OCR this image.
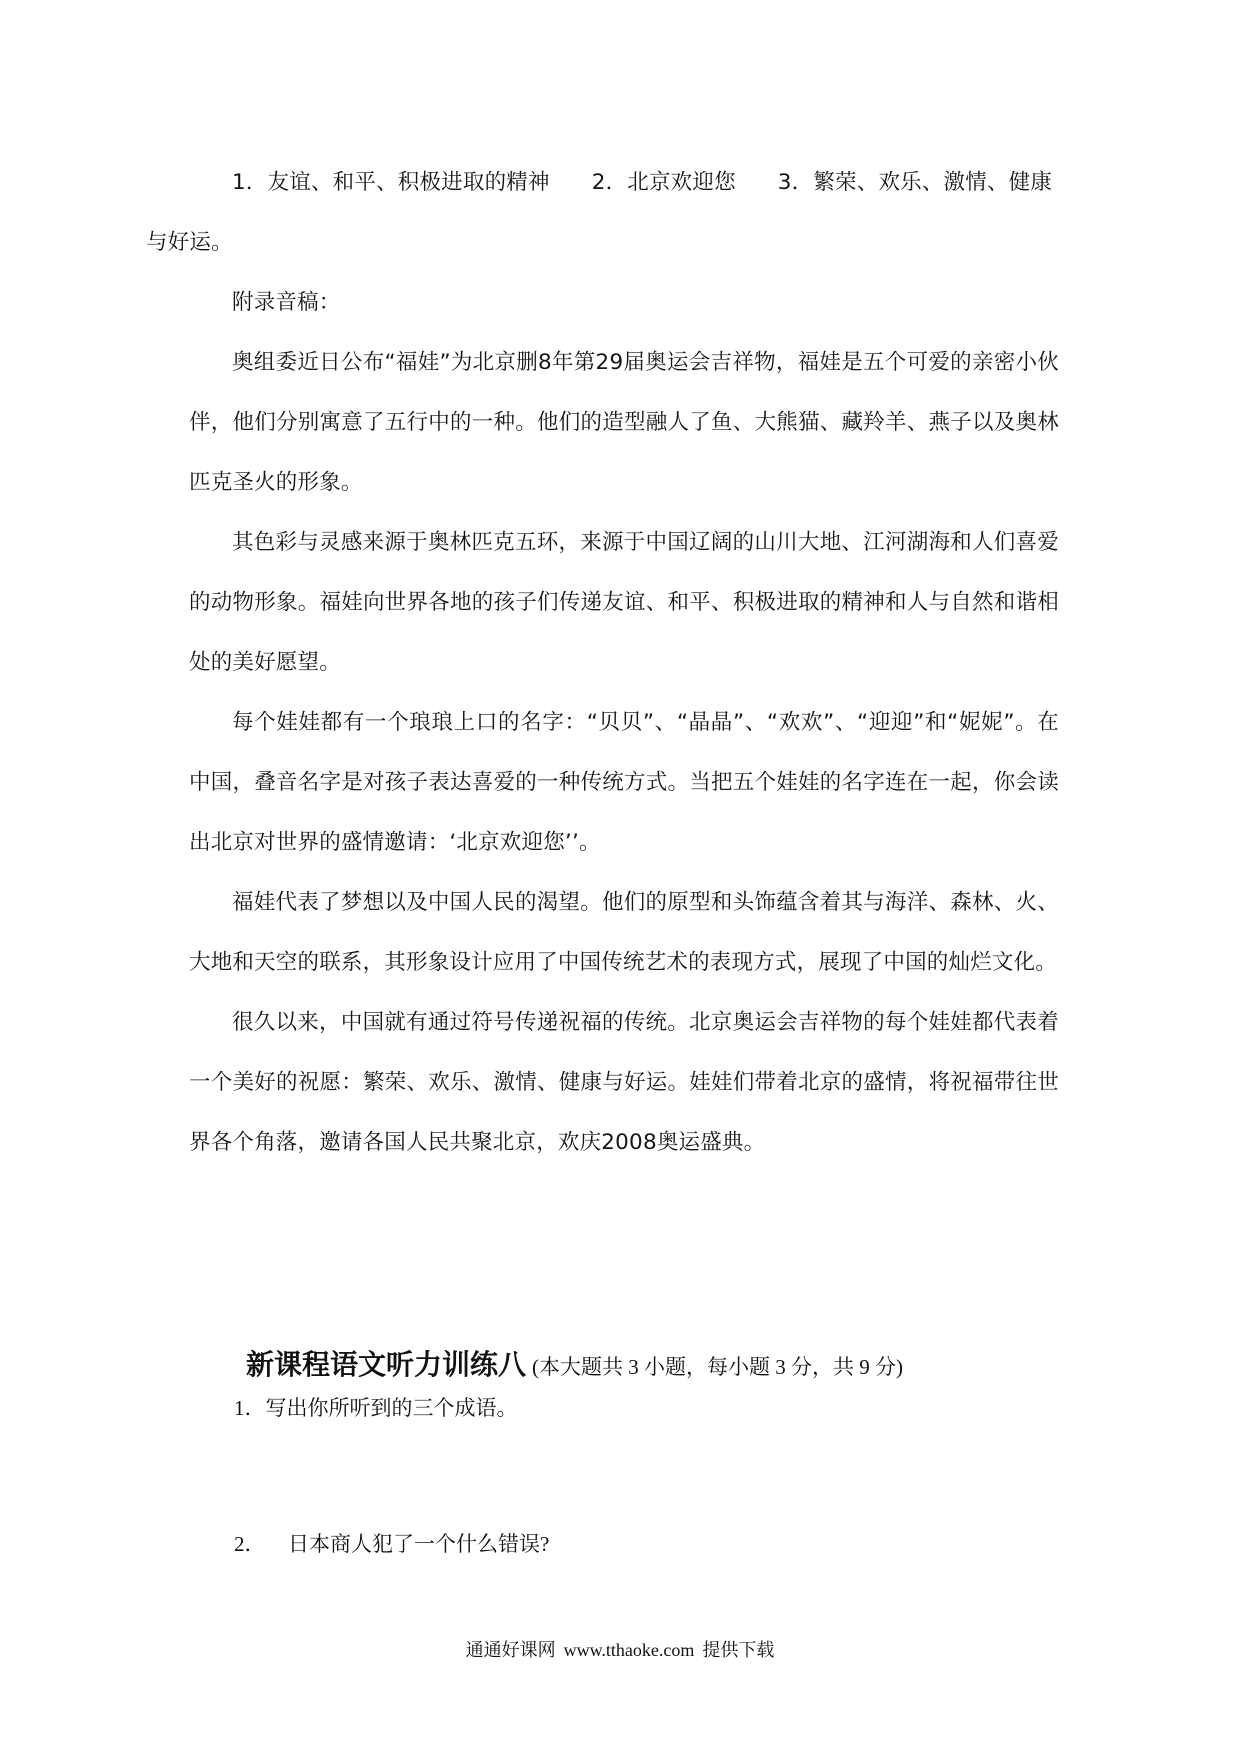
1．友谊、和平、积极进取的精神 2．北京欢迎您 3．繁荣、欢乐、激情、健康
与好运。

附录音稿：

奥组委近日公布“福娃”为北京删8年第29届奥运会吉祥物，福娃是五个可爱的亲密小伙伴，他们分别寓意了五行中的一种。他们的造型融人了鱼、大熊猫、藏羚羊、燕子以及奥林匹克圣火的形象。

其色彩与灵感来源于奥林匹克五环，来源于中国辽阔的山川大地、江河湖海和人们喜爱的动物形象。福娃向世界各地的孩子们传递友谊、和平、积极进取的精神和人与自然和谐相处的美好愿望。

每个娃娃都有一个琅琅上口的名字：“贝贝”、“晶晶”、“欢欢”、“迎迎”和“妮妮”。在中国，叠音名字是对孩子表达喜爱的一种传统方式。当把五个娃娃的名字连在一起，你会读出北京对世界的盛情邀请：‘北京欢迎您’’。

福娃代表了梦想以及中国人民的渴望。他们的原型和头饰蕴含着其与海洋、森林、火、大地和天空的联系，其形象设计应用了中国传统艺术的表现方式，展现了中国的灿烂文化。

很久以来，中国就有通过符号传递祝福的传统。北京奥运会吉祥物的每个娃娃都代表着一个美好的祝愿：繁荣、欢乐、激情、健康与好运。娃娃们带着北京的盛情，将祝福带往世界各个角落，邀请各国人民共聚北京，欢庆2008奥运盛典。

新课程语文听力训练八 (本大题共 3 小题，每小题 3 分，共 9 分)
1．写出你所听到的三个成语。
2． 日本商人犯了一个什么错误?
通通好课网 www.tthaoke.com 提供下载
